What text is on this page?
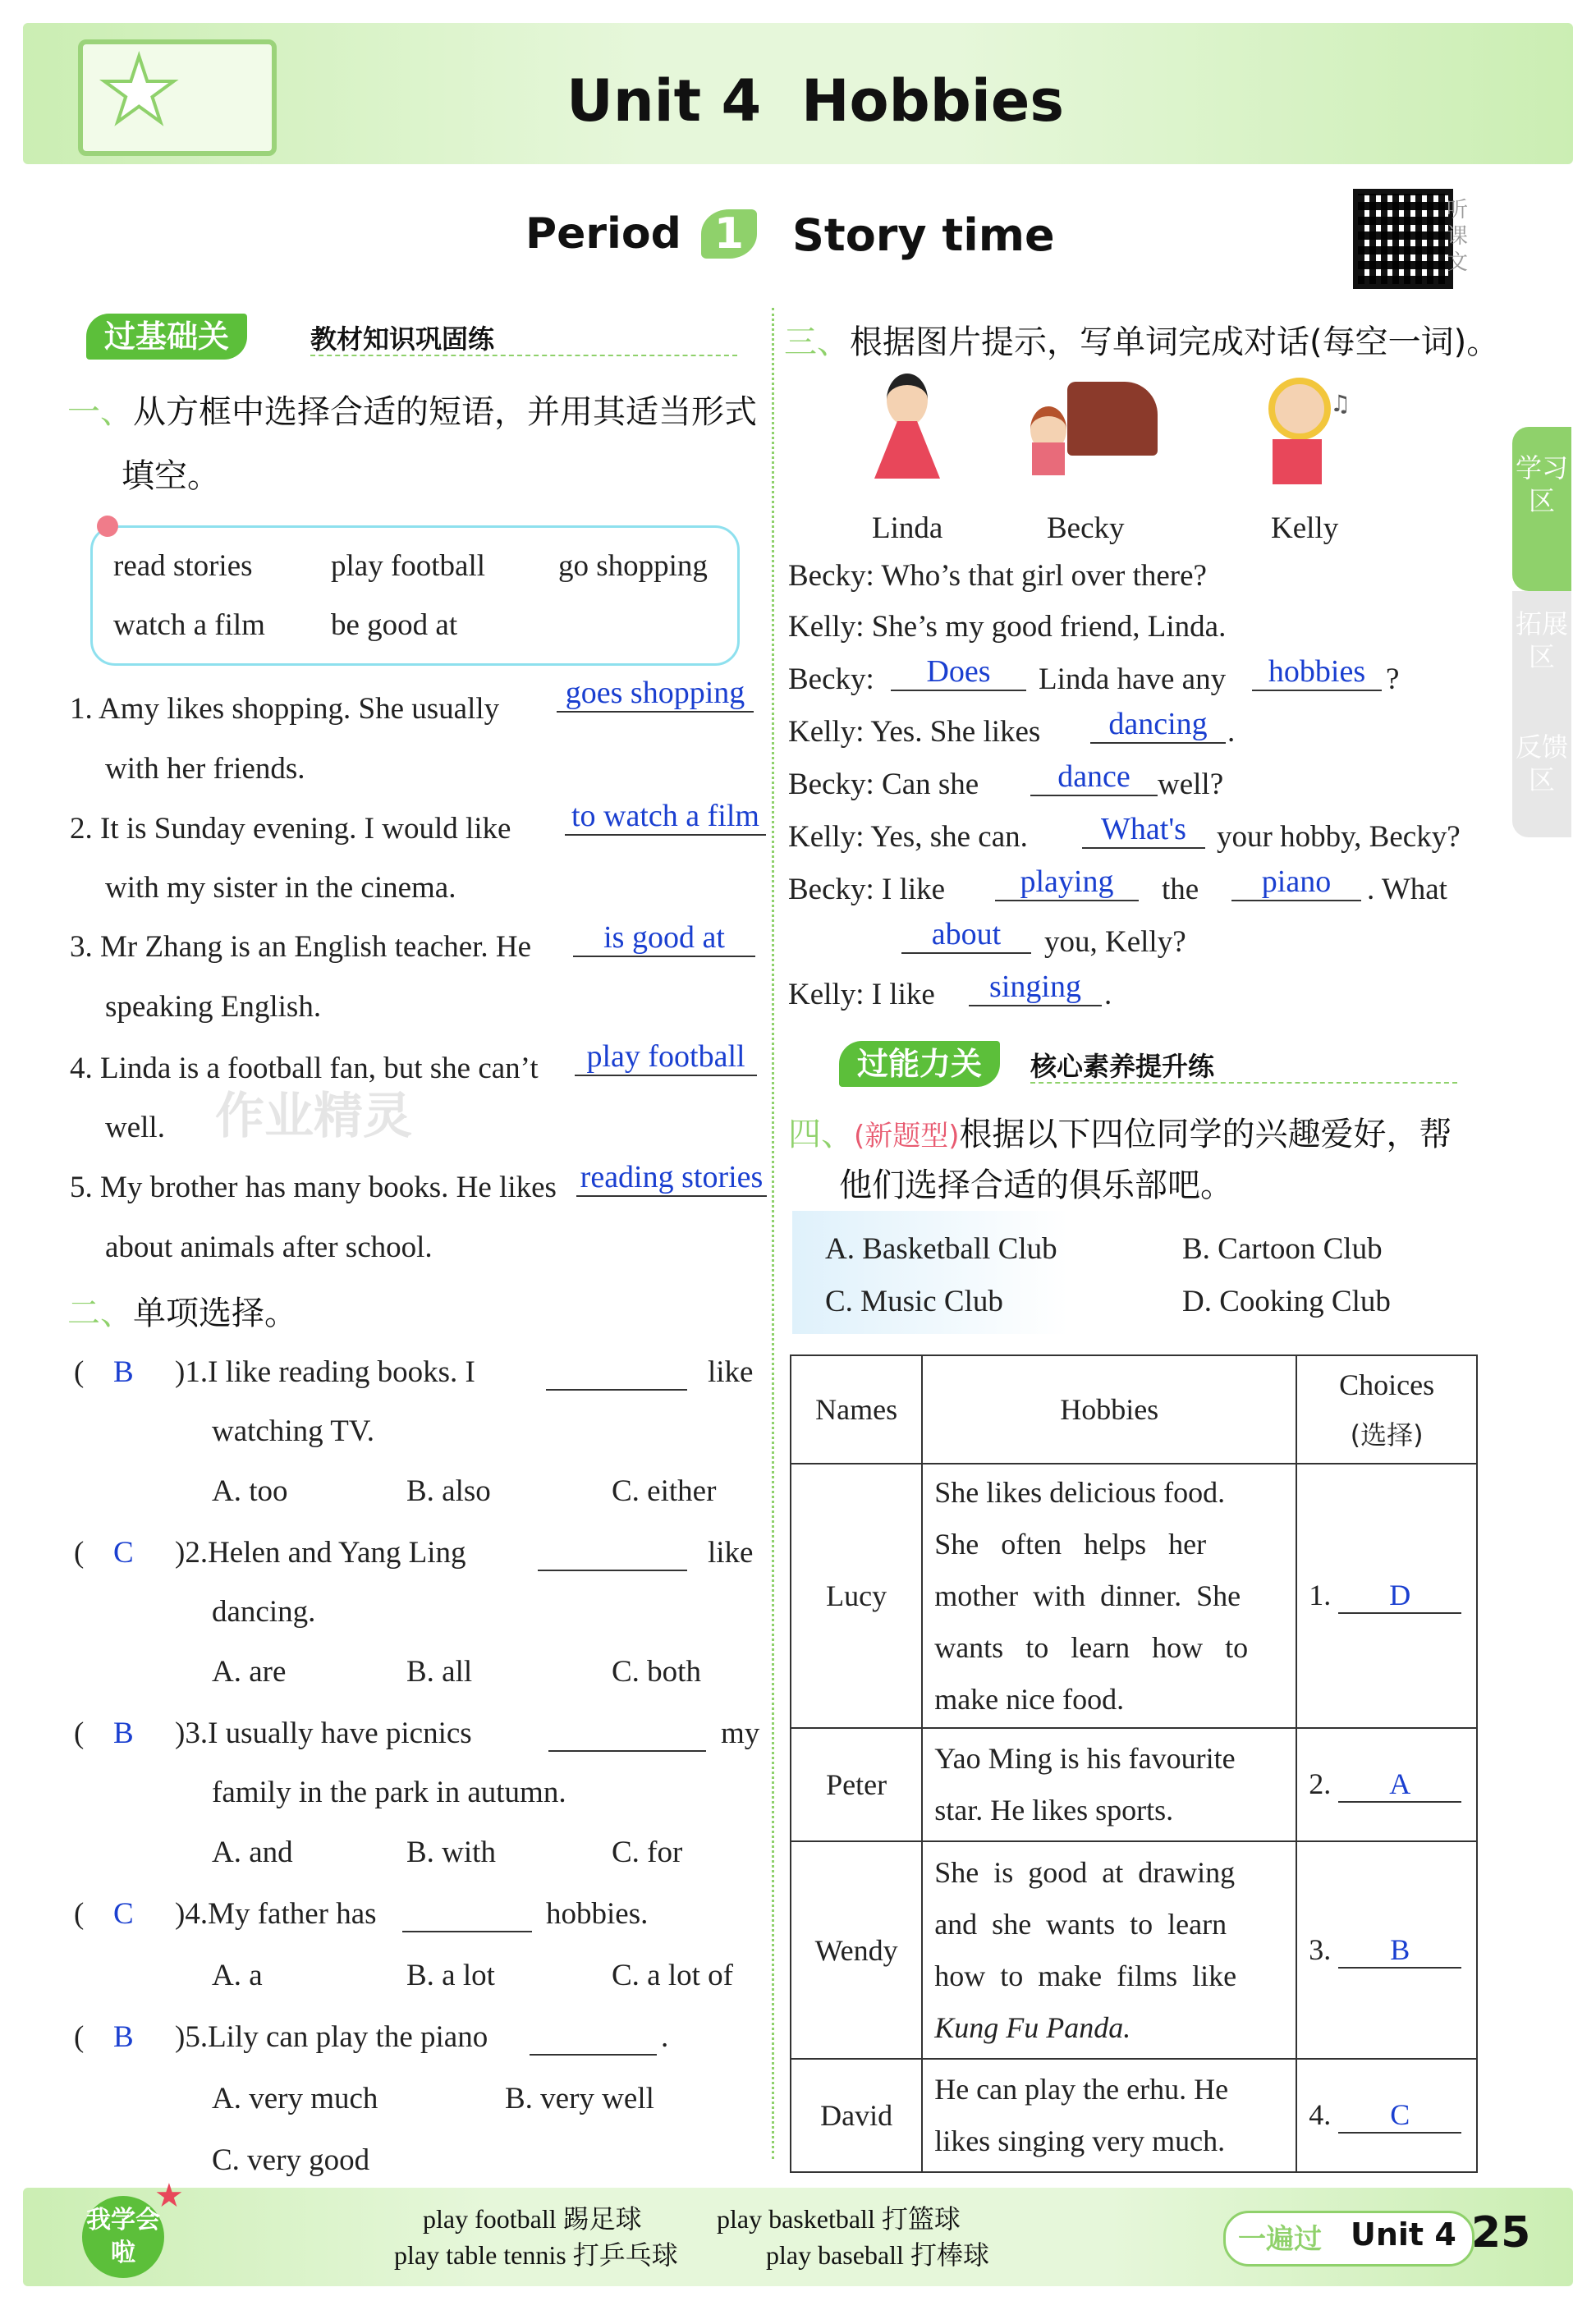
★	Unit 4 Hobbies
Period 1 Story time	听课文
过基础关	教材知识巩固练
一、从方框中选择合适的短语，并用其适当形式
填空。
read stories	play football go shopping
watch a film be good at
1. Amy likes shopping. She usually goes shopping
with her friends.
2. It is Sunday evening. I would like to watch a film
with my sister in the cinema.
3. Mr Zhang is an English teacher. He	is good at
speaking English.
4. Linda is a football fan, but she can’t	play football
well. 作业精灵
5. My brother has many books. He likes reading stories
about animals after school.
二、单项选择。
( B )1.I like reading books. I	like
watching TV.
A. too	B. also	C. either
( C )2.Helen and Yang Ling	like
dancing.
A. are	B. all	C. both
( B )3.I usually have picnics	my
family in the park in autumn.
A. and	B. with	C. for
( C )4.My father has	hobbies.
A. a	B. a lot	C. a lot of
( B )5.Lily can play the piano	.
A. very much	B. very well
C. very good
三、根据图片提示，写单词完成对话(每空一词)。
♫
Linda	Becky	Kelly
Becky: Who’s that girl over there?
Kelly: She’s my good friend, Linda.
Becky:	Does	Linda have any	hobbies ?
Kelly: Yes. She likes	dancing .
Becky: Can she	dance well?
Kelly: Yes, she can.	What's	your hobby, Becky?
Becky: I like	playing	the	piano	. What
about	you, Kelly?
Kelly: I like	singing .
过能力关	核心素养提升练
四、(新题型)根据以下四位同学的兴趣爱好，帮
他们选择合适的俱乐部吧。
A. Basketball Club	B. Cartoon Club
C. Music Club	D. Cooking Club
Names	Hobbies	Choices
(选择)
Lucy	She likes delicious food.
She   often   helps   her
mother  with  dinner.  She
wants   to   learn   how   to
make nice food.	1. D
Peter	Yao Ming is his favourite
star. He likes sports.	2. A
Wendy	She  is  good  at  drawing
and  she  wants  to  learn
how  to  make  films  like
Kung Fu Panda.	3. B
David	He can play the erhu. He
likes singing very much.	4. C
学习区
拓展区
反馈区
我学会啦
★
play football 踢足球	play basketball 打篮球
play table tennis 打乒乓球	play baseball 打棒球	一遍过 Unit 4 25
